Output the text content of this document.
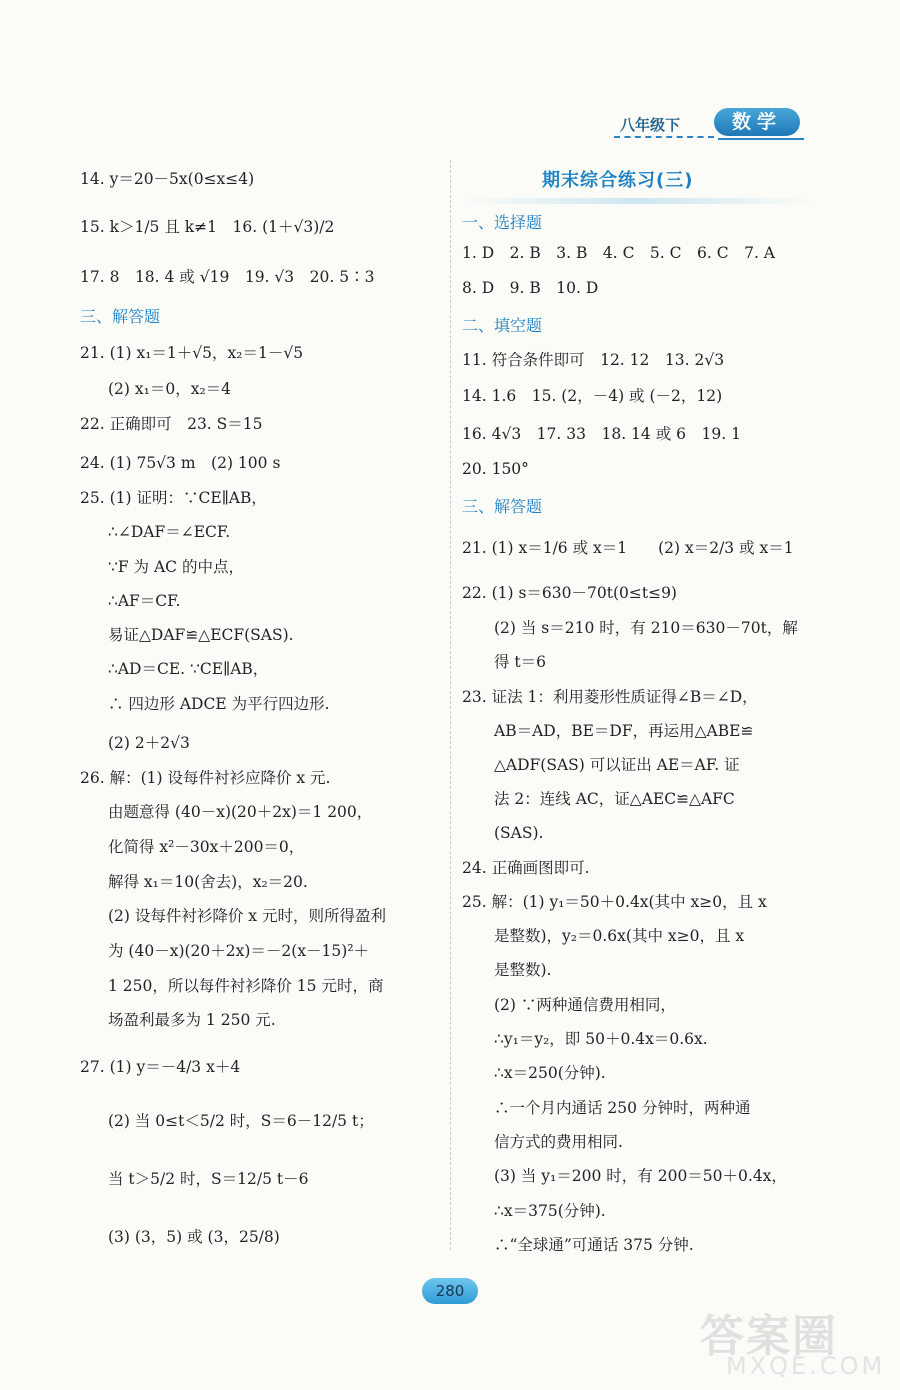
八年级下	数学
14. y＝20－5x(0≤x≤4)
15. k＞1/5 且 k≠1　16. (1＋√3)/2
17. 8　18. 4 或 √19　19. √3　20. 5∶3
三、解答题
21. (1) x₁＝1＋√5，x₂＝1－√5
(2) x₁＝0，x₂＝4
22. 正确即可　23. S＝15
24. (1) 75√3 m　(2) 100 s
25. (1) 证明：∵CE∥AB，
∴∠DAF＝∠ECF.
∵F 为 AC 的中点，
∴AF＝CF.
易证△DAF≌△ECF(SAS).
∴AD＝CE. ∵CE∥AB，
∴ 四边形 ADCE 为平行四边形.
(2) 2＋2√3
26. 解：(1) 设每件衬衫应降价 x 元.
由题意得 (40－x)(20＋2x)＝1 200，
化简得 x²－30x＋200＝0，
解得 x₁＝10(舍去)，x₂＝20.
(2) 设每件衬衫降价 x 元时，则所得盈利
为 (40－x)(20＋2x)＝－2(x－15)²＋
1 250，所以每件衬衫降价 15 元时，商
场盈利最多为 1 250 元.
27. (1) y＝－4/3 x＋4
(2) 当 0≤t＜5/2 时，S＝6－12/5 t；
当 t＞5/2 时，S＝12/5 t－6
(3) (3，5) 或 (3，25/8)
期末综合练习(三)
一、选择题
1. D　2. B　3. B　4. C　5. C　6. C　7. A
8. D　9. B　10. D
二、填空题
11. 符合条件即可　12. 12　13. 2√3
14. 1.6　15. (2，－4) 或 (－2，12)
16. 4√3　17. 33　18. 14 或 6　19. 1
20. 150°
三、解答题
21. (1) x＝1/6 或 x＝1　　(2) x＝2/3 或 x＝1
22. (1) s＝630－70t(0≤t≤9)
(2) 当 s＝210 时，有 210＝630－70t，解
得 t＝6
23. 证法 1：利用菱形性质证得∠B＝∠D，
AB＝AD，BE＝DF，再运用△ABE≌
△ADF(SAS) 可以证出 AE＝AF. 证
法 2：连线 AC，证△AEC≌△AFC
(SAS).
24. 正确画图即可.
25. 解：(1) y₁＝50＋0.4x(其中 x≥0，且 x
是整数)，y₂＝0.6x(其中 x≥0，且 x
是整数).
(2) ∵两种通信费用相同，
∴y₁＝y₂，即 50＋0.4x＝0.6x.
∴x＝250(分钟).
∴一个月内通话 250 分钟时，两种通
信方式的费用相同.
(3) 当 y₁＝200 时，有 200＝50＋0.4x，
∴x＝375(分钟).
∴“全球通”可通话 375 分钟.
280
答案圈
MXQE.COM
